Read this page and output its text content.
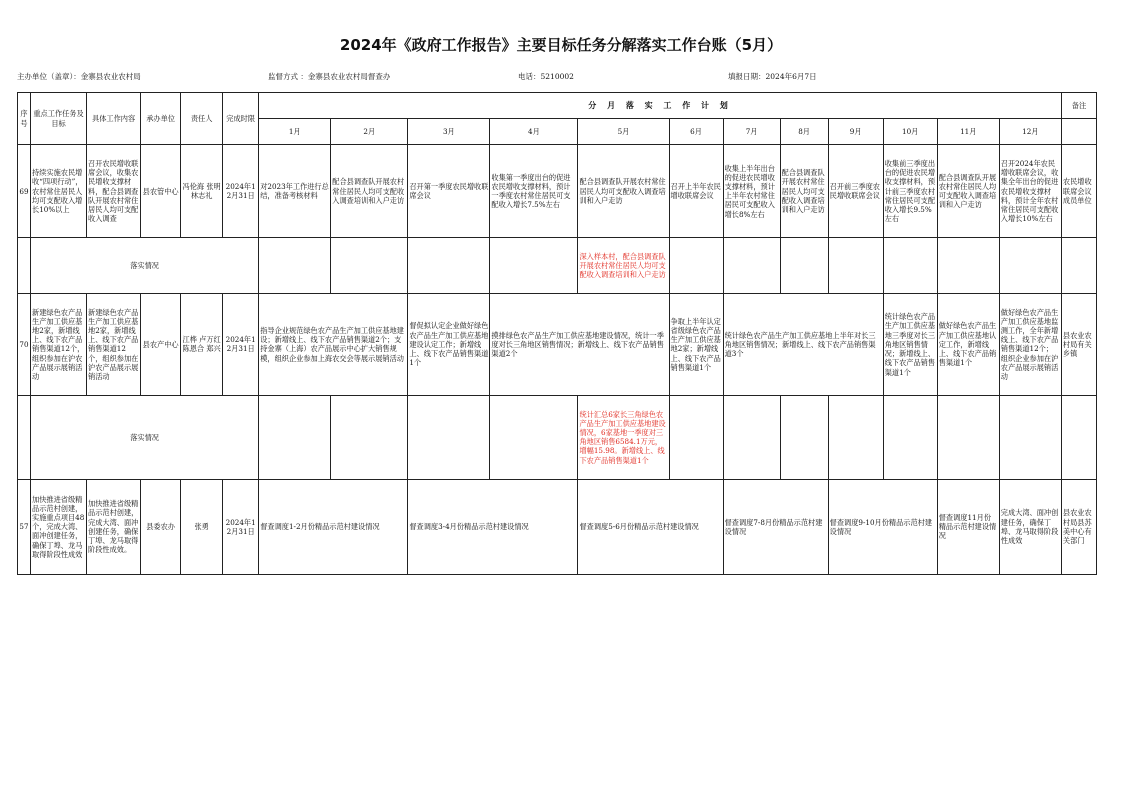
2024年《政府工作报告》主要目标任务分解落实工作台账（5月）
主办单位（盖章）：金寨县农业农村局	监督方式 ：金寨县农业农村局督查办	电话：5210002	填报日期：2024年6月7日
序号	重点工作任务及目标	具体工作内容	承办单位	责任人	完成时限	分 月 落 实 工 作 计 划												备注
						1月	2月	3月	4月	5月	6月	7月	8月	9月	10月	11月	12月	
69	持续实施农民增收“四项行动”，农村常住居民人均可支配收入增长10%以上	召开农民增收联席会议，收集农民增收支撑材料，配合县调查队开展农村常住居民人均可支配收入调查	县农管中心	冯伦海 张明 林志礼	2024年12月31日	对2023年工作进行总结，准备考核材料	配合县调查队开展农村常住居民人均可支配收入调查培训和入户走访	召开第一季度农民增收联席会议	收集第一季度出台的促进农民增收支撑材料，预计一季度农村常住居民可支配收入增长7.5%左右	配合县调查队开展农村常住居民人均可支配收入调查培训和入户走访	召开上半年农民增收联席会议	收集上半年出台的促进农民增收支撑材料，预计上半年农村常住居民可支配收入增长8%左右	配合县调查队开展农村常住居民人均可支配收入调查培训和入户走访	召开前三季度农民增收联席会议	收集前三季度出台的促进农民增收支撑材料，预计前三季度农村常住居民可支配收入增长9.5%左右	配合县调查队开展农村常住居民人均可支配收入调查培训和入户走访	召开2024年农民增收联席会议，收集全年出台的促进农民增收支撑材料，预计全年农村常住居民可支配收入增长10%左右	农民增收联席会议成员单位
	落实情况									深入样本村，配合县调查队开展农村常住居民人均可支配收入调查培训和入户走访								
70	新建绿色农产品生产加工供应基地2家，新增线上、线下农产品销售渠道12个，组织参加在沪农产品展示展销活动	新建绿色农产品生产加工供应基地2家，新增线上、线下农产品销售渠道12个，组织参加在沪农产品展示展销活动	县农产中心	江桦 卢万红 陈恩合 郑兴	2024年12月31日	指导企业规范绿色农产品生产加工供应基地建设；新增线上、线下农产品销售渠道2个；支持金寨（上海）农产品展示中心扩大销售规模，组织企业参加上海农交会等展示展销活动		督促拟认定企业做好绿色农产品生产加工供应基地建设认定工作；新增线上、线下农产品销售渠道1个	摸排绿色农产品生产加工供应基地建设情况，统计一季度对长三角地区销售情况；新增线上、线下农产品销售渠道2个		争取上半年认定省级绿色农产品生产加工供应基地2家；新增线上、线下农产品销售渠道1个	统计绿色农产品生产加工供应基地上半年对长三角地区销售情况；新增线上、线下农产品销售渠道3个			统计绿色农产品生产加工供应基地三季度对长三角地区销售情况；新增线上、线下农产品销售渠道1个	做好绿色农产品生产加工供应基地认定工作，新增线上、线下农产品销售渠道1个	做好绿色农产品生产加工供应基地监测工作，全年新增线上、线下农产品销售渠道12个；组织企业参加在沪农产品展示展销活动	县农业农村局有关乡镇
	落实情况									统计汇总6家长三角绿色农产品生产加工供应基地建设情况，6家基地一季度对三角地区销售6584.1万元，增幅15.98。新增线上、线下农产品销售渠道1个								
57	加快推进省级精品示范村创建，实施重点项目48个，完成大湾、面冲创建任务，确保丁埠、龙马取得阶段性成效	加快推进省级精品示范村创建，完成大湾、面冲创建任务，确保丁埠、龙马取得阶段性成效。	县委农办	张勇	2024年12月31日	督查调度1-2月份精品示范村建设情况		督查调度3-4月份精品示范村建设情况		督查调度5-6月份精品示范村建设情况		督查调度7-8月份精品示范村建设情况		督查调度9-10月份精品示范村建设情况		督查调度11月份精品示范村建设情况	完成大湾、面冲创建任务，确保丁埠、龙马取得阶段性成效	县农业农村局县苏美中心有关部门
